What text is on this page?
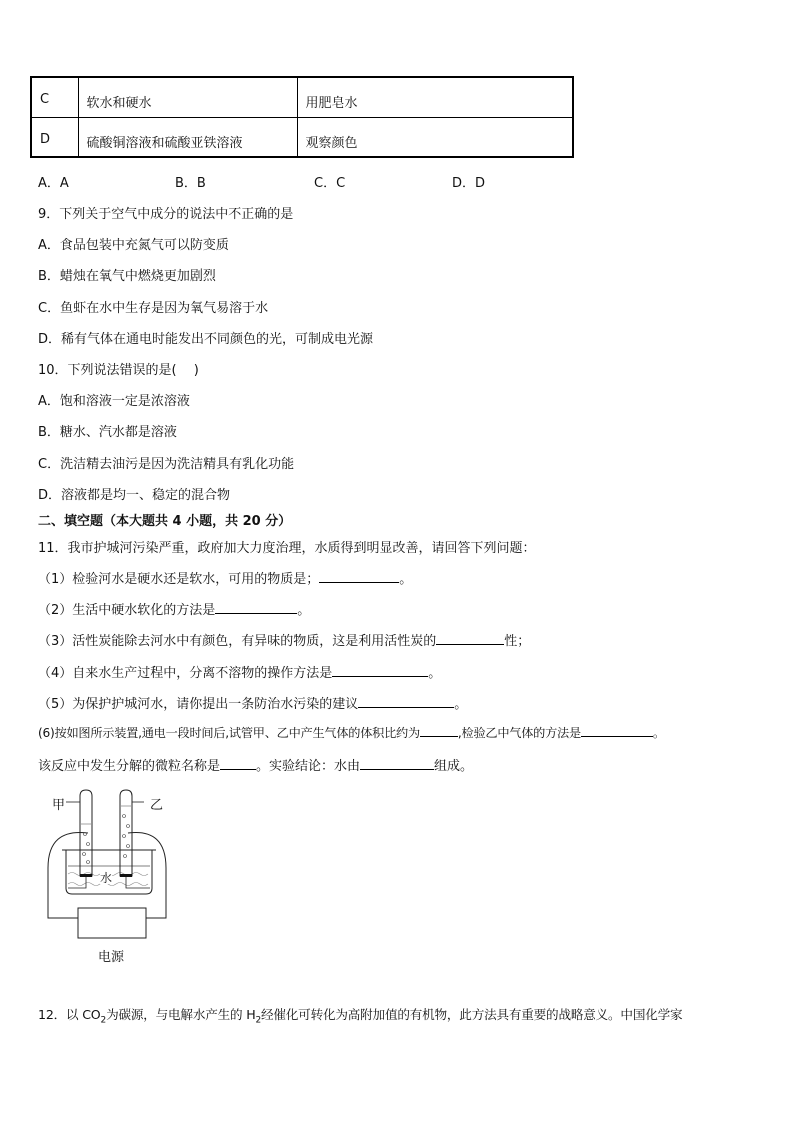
C	软水和硬水	用肥皂水
D	硫酸铜溶液和硫酸亚铁溶液	观察颜色
A．A	B．B	C．C	D．D
9．下列关于空气中成分的说法中不正确的是
A．食品包装中充氮气可以防变质
B．蜡烛在氧气中燃烧更加剧烈
C．鱼虾在水中生存是因为氧气易溶于水
D．稀有气体在通电时能发出不同颜色的光，可制成电光源
10．下列说法错误的是(　 )
A．饱和溶液一定是浓溶液
B．糖水、汽水都是溶液
C．洗洁精去油污是因为洗洁精具有乳化功能
D．溶液都是均一、稳定的混合物
二、填空题（本大题共 4 小题，共 20 分）
11．我市护城河污染严重，政府加大力度治理，水质得到明显改善，请回答下列问题：
（1）检验河水是硬水还是软水，可用的物质是；	。
（2）生活中硬水软化的方法是	。
（3）活性炭能除去河水中有颜色，有异味的物质，这是利用活性炭的	性；
（4）自来水生产过程中，分离不溶物的操作方法是	。
（5）为保护护城河水，请你提出一条防治水污染的建议	。
(6)按如图所示装置,通电一段时间后,试管甲、乙中产生气体的体积比约为	,检验乙中气体的方法是	。
该反应中发生分解的微粒名称是	。实验结论：水由	组成。
甲	乙
水
电源
12．以 $CO_2$为碳源，与电解水产生的 $H_2$经催化可转化为高附加值的有机物，此方法具有重要的战略意义。中国化学家
